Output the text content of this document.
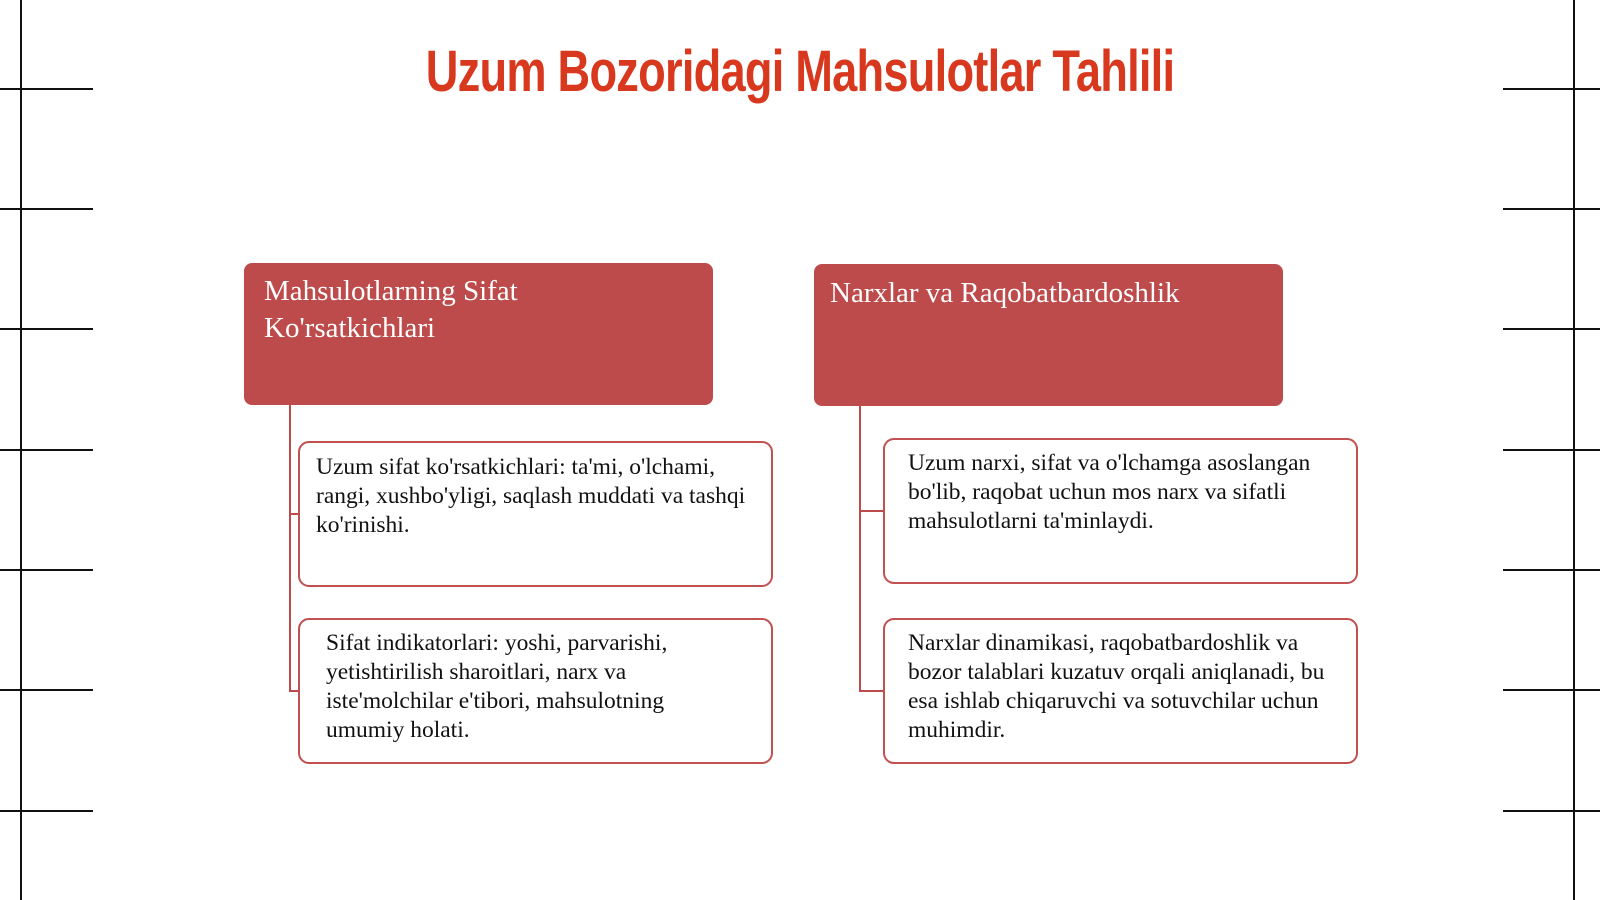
Uzum Bozoridagi Mahsulotlar Tahlili
Mahsulotlarning Sifat Ko'rsatkichlari
Uzum sifat ko'rsatkichlari: ta'mi, o'lchami, rangi, xushbo'yligi, saqlash muddati va tashqi ko'rinishi.
Sifat indikatorlari: yoshi, parvarishi, yetishtirilish sharoitlari, narx va iste'molchilar e'tibori, mahsulotning umumiy holati.
Narxlar va Raqobatbardoshlik
Uzum narxi, sifat va o'lchamga asoslangan bo'lib, raqobat uchun mos narx va sifatli mahsulotlarni ta'minlaydi.
Narxlar dinamikasi, raqobatbardoshlik va bozor talablari kuzatuv orqali aniqlanadi, bu esa ishlab chiqaruvchi va sotuvchilar uchun muhimdir.
